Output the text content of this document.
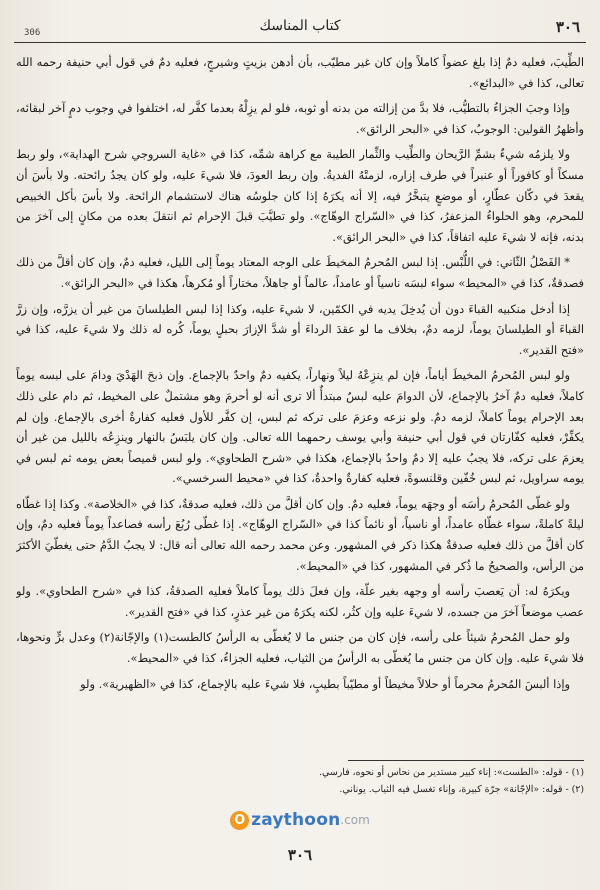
٣٠٦
كتاب المناسك
306

الطِّيبَ، فعليه دمٌ إذا بلغ عضواً كاملاً وإن كان غير مطيّب، بأن أدهن بزيتٍ وشيرجٍ، فعليه دمٌ في قول أبي حنيفة رحمه الله تعالى، كذا في «البدائع».

وإذا وجبَ الجزاءُ بالتطيُّب، فلا بدَّ من إزالته من بدنه أو ثوبه، فلو لم يزِلْهُ بعدما كفَّر له، اختلفوا في وجوب دمٍ آخر لبقائه، وأظهرُ القولين: الوجوبُ، كذا في «البحر الرائق».

ولا يلزمُه شيءٌ بشمِّ الرَّيحان والطِّيب والثِّمار الطيبة مع كراهة شمِّه، كذا في «غاية السروجي شرح الهداية»، ولو ربط مسكاً أو كافوراً أو عنبراً في طرف إزاره، لزمتْهُ الفديةُ. وإن ربط العودَ، فلا شيءَ عليه، ولو كان يجدُ رائحته. ولا بأسَ أن يقعدَ في دكّان عطّارٍ، أو موضعٍ يتبخَّرُ فيه، إلا أنه يكرَهُ إذا كان جلوسُه هناك لاستشمام الرائحة. ولا بأسَ بأكل الخبيص للمحرم، وهو الحلواءُ المزعفرُ، كذا في «السّراج الوهّاج». ولو تطيَّبَ قبلَ الإحرام ثم انتقلَ بعده من مكانٍ إلى آخرَ من بدنه، فإنه لا شيءَ عليه اتفاقاً، كذا في «البحر الرائق».

* الفَصْلُ الثّاني: في اللُّبْس. إذا لبس المُحرمُ المخيطَ على الوجه المعتاد يوماً إلى الليل، فعليه دمٌ، وإن كان أقلَّ من ذلك فصدقةٌ، كذا في «المحيط» سواء لبسَه ناسياً أو عامداً، عالماً أو جاهلاً، مختاراً أو مُكرهاً، هكذا في «البحر الرائق».

إذا أدخل منكبيه القباءَ دون أن يُدخِلَ يديه في الكمّين، لا شيءَ عليه، وكذا إذا لبس الطيلسانَ من غير أن يزرَّه، وإن زرَّ القباءَ أو الطيلسانَ يوماً، لزمه دمٌ، بخلاف ما لو عقدَ الرداءَ أو شدَّ الإزارَ بحبلٍ يوماً، كُره له ذلك ولا شيءَ عليه، كذا في «فتح القدير».

ولو لبس المُحرمُ المخيطَ أياماً، فإن لم ينزِعْهُ ليلاً ونهاراً، يكفيه دمٌ واحدٌ بالإجماع. وإن ذبحَ الهَدْيَ ودامَ على لبسه يوماً كاملاً، فعليه دمٌ آخرُ بالإجماع، لأن الدوامَ عليه لبسٌ مبتدأٌ ألا ترى أنه لو أحرمَ وهو مشتملٌ على المخيط، ثم دام على ذلك بعد الإحرام يوماً كاملاً، لزمه دمٌ. ولو نزعه وعزمَ على تركه ثم لبس، إن كفَّر للأول فعليه كفارةٌ أخرى بالإجماع. وإن لم يكفِّرْ، فعليه كفّارتان في قول أبي حنيفة وأبي يوسف رحمهما الله تعالى. وإن كان يلبَسُ بالنهار وينزِعُه بالليل من غير أن يعزمَ على تركه، فلا يجبُ عليه إلا دمٌ واحدٌ بالإجماع، هكذا في «شرح الطحاوي». ولو لبس قميصاً بعض يومه ثم لبس في يومه سراويل، ثم لبس خُفّين وقلنسوةً، فعليه كفارةٌ واحدةٌ، كذا في «محيط السرخسي».

ولو غطّى المُحرمُ رأسَه أو وجهَه يوماً، فعليه دمٌ. وإن كان أقلَّ من ذلك، فعليه صدقةٌ، كذا في «الخلاصة». وكذا إذا غطّاه ليلةً كاملةً، سواء غطّاه عامداً، أو ناسياً، أو نائماً كذا في «السّراج الوهّاج». إذا غطّى رُبُعَ رأسه فصاعداً يوماً فعليه دمٌ، وإن كان أقلَّ من ذلك فعليه صدقةٌ هكذا ذكر في المشهور. وعن محمد رحمه الله تعالى أنه قال: لا يجبُ الدَّمُ حتى يغطّيَ الأكثرَ من الرأس، والصحيحُ ما ذُكر في المشهور، كذا في «المحيط».

ويكرَهُ له: أن يَعصبَ رأسه أو وجهه بغير علّة، وإن فعلَ ذلك يوماً كاملاً فعليه الصدقةُ، كذا في «شرح الطحاوي». ولو عصب موضعاً آخرَ من جسده، لا شيءَ عليه وإن كثُر، لكنه يكرَهُ من غير عذرٍ، كذا في «فتح القدير».

ولو حمل المُحرمُ شيئاً على رأسه، فإن كان من جنس ما لا يُغطّى به الرأسُ كالطست(١) والإجّانة(٢) وعدل برٍّ ونحوها، فلا شيءَ عليه. وإن كان من جنس ما يُغطّى به الرأسُ من الثياب، فعليه الجزاءُ، كذا في «المحيط».

وإذا ألبسَ المُحرمُ محرماً أو حلالاً مخيطاً أو مطيّباً بطيبٍ، فلا شيءَ عليه بالإجماع، كذا في «الظهيرية». ولو

(١) - قوله: «الطست»: إناء كبير مستدير من نحاس أو نحوه، فارسي.
(٢) - قوله: «الإجّانة» جرّة كبيرة، وإناء تغسل فيه الثياب. يوناني.
O zaythoon .com
٣٠٦
